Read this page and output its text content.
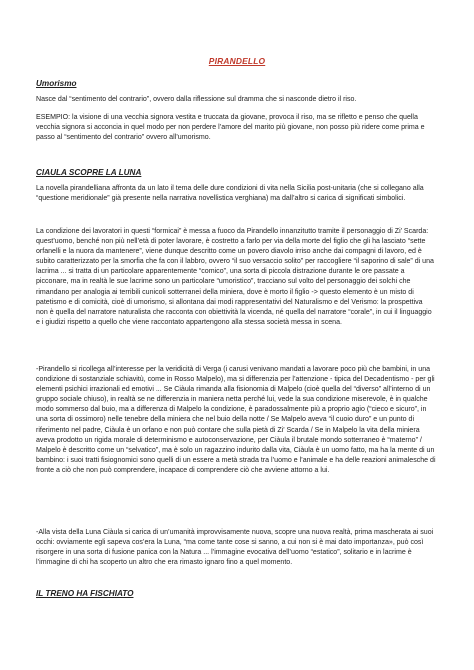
PIRANDELLO
Umorismo
Nasce dal “sentimento del contrario”, ovvero dalla riflessione sul dramma che si nasconde dietro il riso.
ESEMPIO: la visione di una vecchia signora vestita e truccata da giovane, provoca il riso, ma se rifletto e penso che quella vecchia signora si acconcia in quel modo per non perdere l’amore del marito più giovane, non posso più ridere come prima e passo al “sentimento del contrario” ovvero all’umorismo.
CIAULA SCOPRE LA LUNA
La novella pirandelliana affronta da un lato il tema delle dure condizioni di vita nella Sicilia post-unitaria (che si collegano alla “questione meridionale” già presente nella narrativa novellistica verghiana) ma dall’altro si carica di significati simbolici.
La condizione dei lavoratori in questi “formicai” è messa a fuoco da Pirandello innanzitutto tramite il personaggio di Zi’ Scarda: quest’uomo, benché non più nell’età di poter lavorare, è costretto a farlo per via della morte del figlio che gli ha lasciato “sette orfanelli e la nuora da mantenere”, viene dunque descritto come un povero diavolo irriso anche dai compagni di lavoro, ed è subito caratterizzato per la smorfia che fa con il labbro, ovvero “il suo versaccio solito” per raccogliere “il saporino di sale” di una lacrima ... si tratta di un particolare apparentemente “comico”, una sorta di piccola distrazione durante le ore passate a picconare, ma in realtà le sue lacrime sono un particolare “umoristico”, tracciano sul volto del personaggio dei solchi che rimandano per analogia ai terribili cunicoli sotterranei della miniera, dove è morto il figlio -> questo elemento è un misto di patetismo e di comicità, cioè di umorismo, si allontana dai modi rappresentativi del Naturalismo e del Verismo: la prospettiva non è quella del narratore naturalista che racconta con obiettività la vicenda, né quella del narratore “corale”, in cui il linguaggio e i giudizi rispetto a quello che viene raccontato appartengono alla stessa società messa in scena.
-Pirandello si ricollega all’interesse per la veridicità di Verga (i carusi venivano mandati a lavorare poco più che bambini, in una condizione di sostanziale schiavitù, come in Rosso Malpelo), ma si differenzia per l’attenzione - tipica del Decadentismo - per gli elementi psichici irrazionali ed emotivi ... Se Ciàula rimanda alla fisionomia di Malpelo (cioè quella del “diverso” all’interno di un gruppo sociale chiuso), in realtà se ne differenzia in maniera netta perché lui, vede la sua condizione miserevole, è in qualche modo sommerso dal buio, ma a differenza di Malpelo la condizione, è paradossalmente più a proprio agio (“cieco e sicuro”, in una sorta di ossimoro) nelle tenebre della miniera che nel buio della notte / Se Malpelo aveva “il cuoio duro” e un punto di riferimento nel padre, Ciàula è un orfano e non può contare che sulla pietà di Zi’ Scarda / Se in Malpelo la vita della miniera aveva prodotto un rigida morale di determinismo e autoconservazione, per Ciàula il brutale mondo sotterraneo è “materno” / Malpelo è descritto come un “selvatico”, ma è solo un ragazzino indurito dalla vita, Ciàula è un uomo fatto, ma ha la mente di un bambino: i suoi tratti fisiognomici sono quelli di un essere a metà strada tra l’uomo e l’animale e ha delle reazioni animalesche di fronte a ciò che non può comprendere, incapace di comprendere ciò che avviene attorno a lui.
-Alla vista della Luna Ciàula si carica di un’umanità improvvisamente nuova, scopre una nuova realtà, prima mascherata ai suoi occhi: ovviamente egli sapeva cos’era la Luna, “ma come tante cose si sanno, a cui non si è mai dato importanza», può così risorgere in una sorta di fusione panica con la Natura ... l’immagine evocativa dell’uomo “estatico”, solitario e in lacrime è l’immagine di chi ha scoperto un altro che era rimasto ignaro fino a quel momento.
IL TRENO HA FISCHIATO
